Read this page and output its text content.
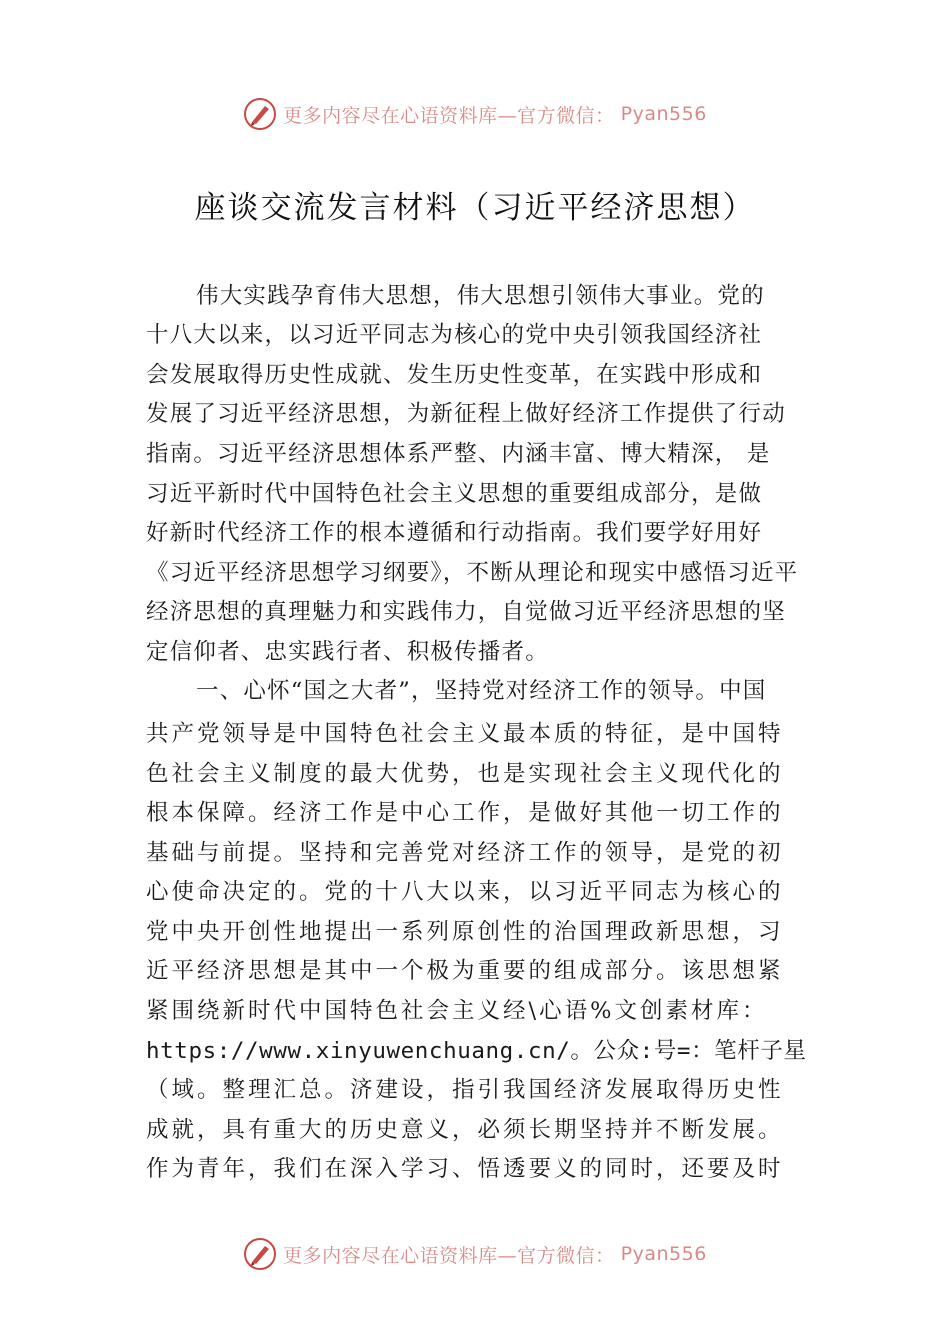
更多内容尽在心语资料库—官方微信： Pyan556
座谈交流发言材料（习近平经济思想）
伟大实践孕育伟大思想，伟大思想引领伟大事业。党的
十八大以来，以习近平同志为核心的党中央引领我国经济社
会发展取得历史性成就、发生历史性变革，在实践中形成和
发展了习近平经济思想，为新征程上做好经济工作提供了行动
指南。习近平经济思想体系严整、内涵丰富、博大精深， 是
习近平新时代中国特色社会主义思想的重要组成部分，是做
好新时代经济工作的根本遵循和行动指南。我们要学好用好
《习近平经济思想学习纲要》，不断从理论和现实中感悟习近平
经济思想的真理魅力和实践伟力，自觉做习近平经济思想的坚
定信仰者、忠实践行者、积极传播者。
一、心怀“国之大者”，坚持党对经济工作的领导。中国
共产党领导是中国特色社会主义最本质的特征，是中国特
色社会主义制度的最大优势，也是实现社会主义现代化的
根本保障。经济工作是中心工作，是做好其他一切工作的
基础与前提。坚持和完善党对经济工作的领导，是党的初
心使命决定的。党的十八大以来，以习近平同志为核心的
党中央开创性地提出一系列原创性的治国理政新思想，习
近平经济思想是其中一个极为重要的组成部分。该思想紧
紧围绕新时代中国特色社会主义经\心语%文创素材库：
https://www.xinyuwenchuang.cn/。公众:号=：笔杆子星
（域。整理汇总。济建设，指引我国经济发展取得历史性
成就，具有重大的历史意义，必须长期坚持并不断发展。
作为青年，我们在深入学习、悟透要义的同时，还要及时
更多内容尽在心语资料库—官方微信： Pyan556
